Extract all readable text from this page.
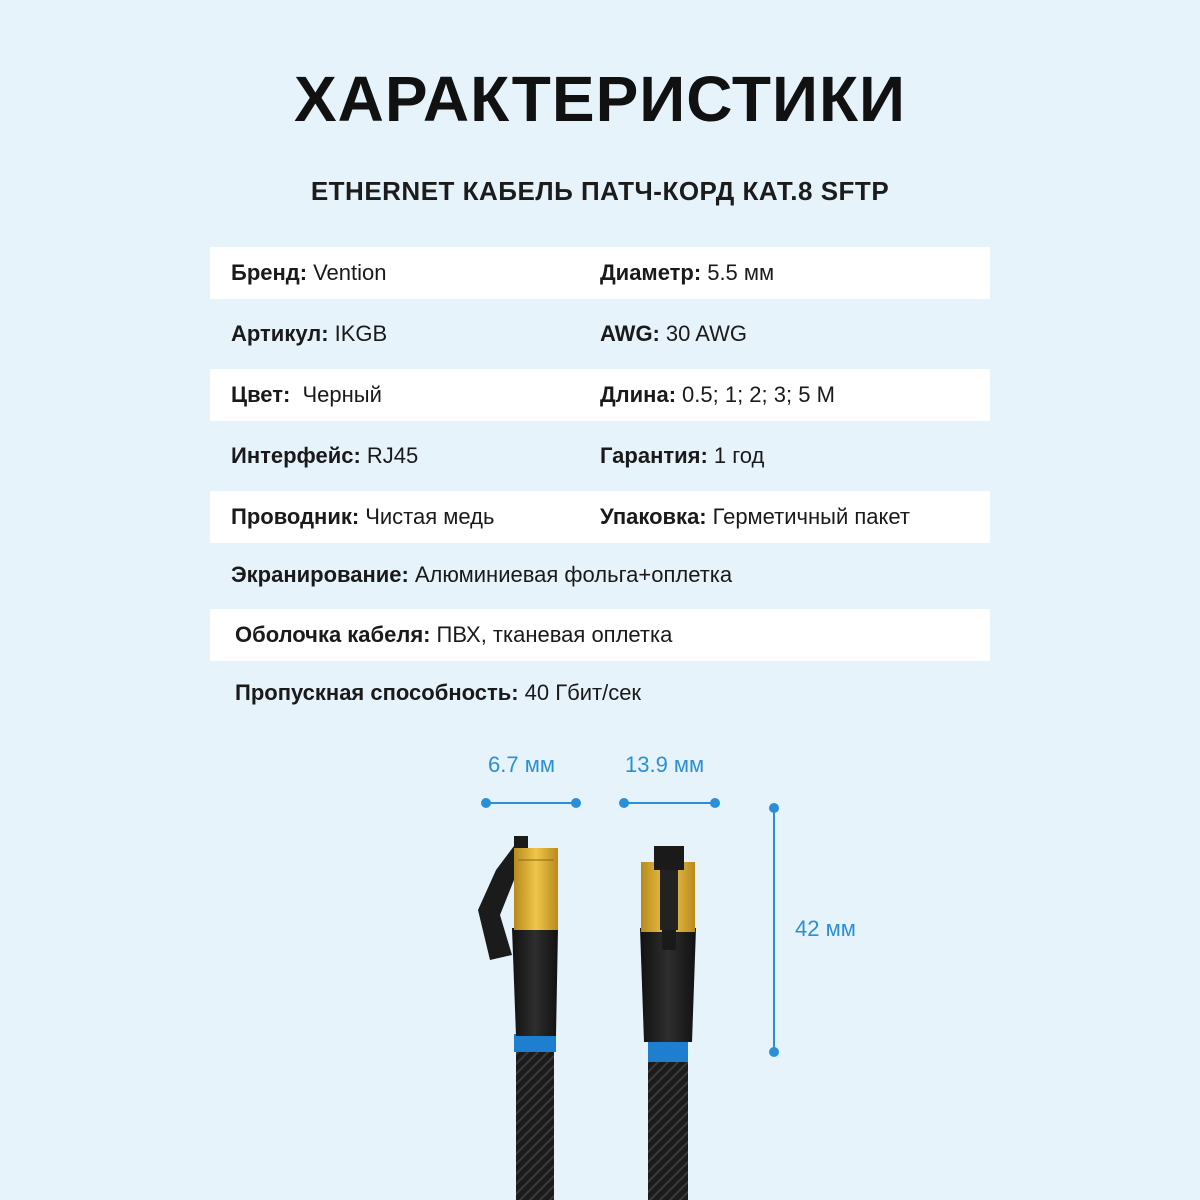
ХАРАКТЕРИСТИКИ
ETHERNET КАБЕЛЬ ПАТЧ-КОРД КАТ.8 SFTP
Бренд: Vention	Диаметр: 5.5 мм
Артикул: IKGB	AWG: 30 AWG
Цвет: Черный	Длина: 0.5; 1; 2; 3; 5 М
Интерфейс: RJ45	Гарантия: 1 год
Проводник: Чистая медь	Упаковка: Герметичный пакет
Экранирование: Алюминиевая фольга+оплетка
Оболочка кабеля: ПВХ, тканевая оплетка
Пропускная способность: 40 Гбит/сек
6.7 мм	13.9 мм
42 мм
